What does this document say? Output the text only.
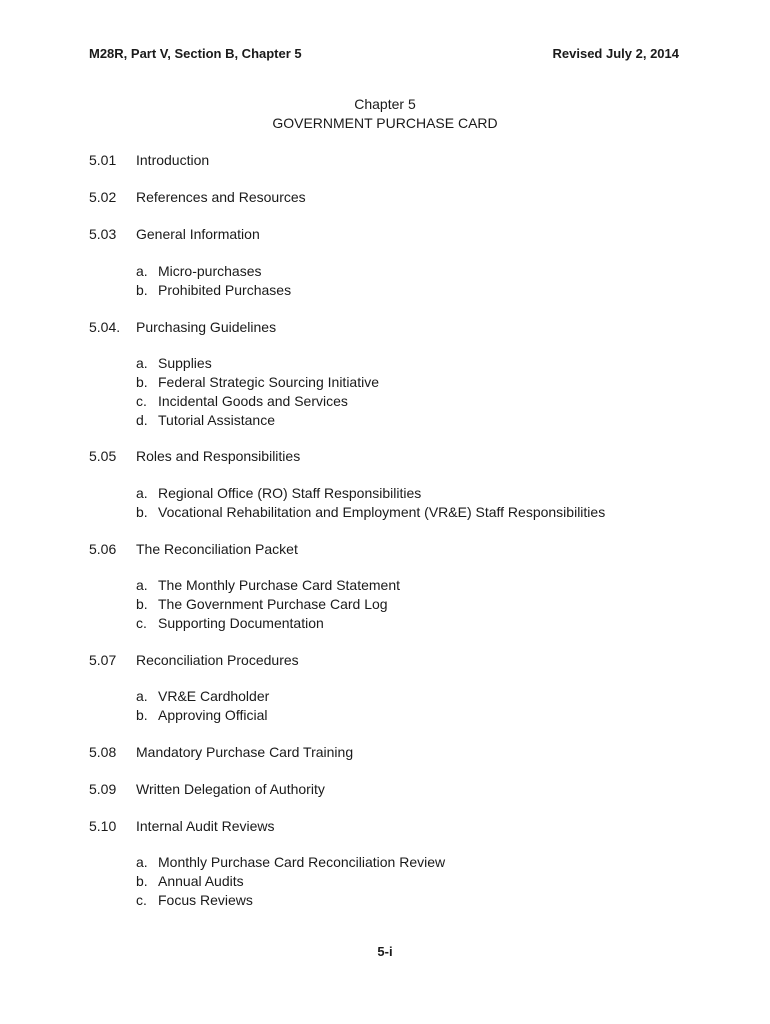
M28R, Part V, Section B, Chapter 5	Revised July 2, 2014
Chapter 5
GOVERNMENT PURCHASE CARD
5.01 Introduction
5.02 References and Resources
5.03 General Information
a. Micro-purchases
b. Prohibited Purchases
5.04. Purchasing Guidelines
a. Supplies
b. Federal Strategic Sourcing Initiative
c. Incidental Goods and Services
d. Tutorial Assistance
5.05 Roles and Responsibilities
a. Regional Office (RO) Staff Responsibilities
b. Vocational Rehabilitation and Employment (VR&E) Staff Responsibilities
5.06 The Reconciliation Packet
a. The Monthly Purchase Card Statement
b. The Government Purchase Card Log
c. Supporting Documentation
5.07 Reconciliation Procedures
a. VR&E Cardholder
b. Approving Official
5.08 Mandatory Purchase Card Training
5.09 Written Delegation of Authority
5.10 Internal Audit Reviews
a. Monthly Purchase Card Reconciliation Review
b. Annual Audits
c. Focus Reviews
5-i
